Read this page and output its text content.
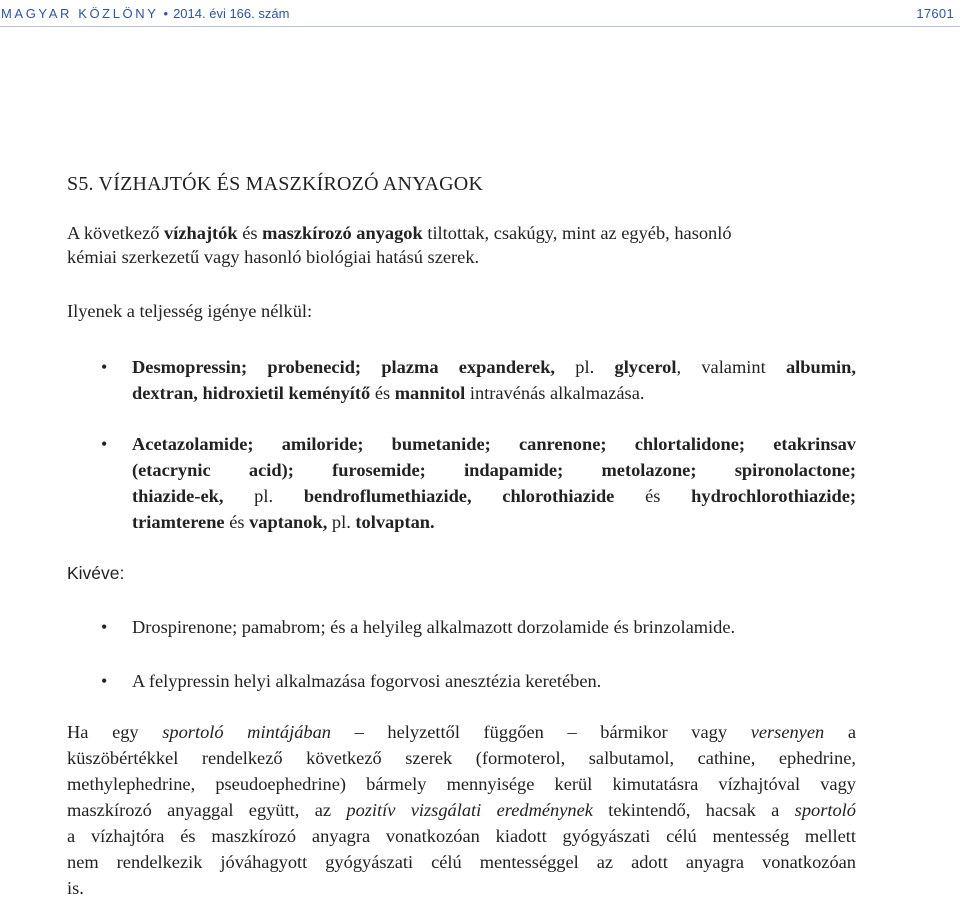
MAGYAR KÖZLÖNY • 2014. évi 166. szám	17601
S5. VÍZHAJTÓK ÉS MASZKÍROZÓ ANYAGOK
A következő vízhajtók és maszkírozó anyagok tiltottak, csakúgy, mint az egyéb, hasonló
kémiai szerkezetű vagy hasonló biológiai hatású szerek.
Ilyenek a teljesség igénye nélkül:
• Desmopressin; probenecid; plazma expanderek, pl. glycerol, valamint albumin,
dextran, hidroxietil keményítő és mannitol intravénás alkalmazása.
• Acetazolamide; amiloride; bumetanide; canrenone; chlortalidone; etakrinsav
(etacrynic acid); furosemide; indapamide; metolazone; spironolactone;
thiazide-ek, pl. bendroflumethiazide, chlorothiazide és hydrochlorothiazide;
triamterene és vaptanok, pl. tolvaptan.
Kivéve:
• Drospirenone; pamabrom; és a helyileg alkalmazott dorzolamide és brinzolamide.
• A felypressin helyi alkalmazása fogorvosi anesztézia keretében.
Ha egy sportoló mintájában – helyzettől függően – bármikor vagy versenyen a
küszöbértékkel rendelkező következő szerek (formoterol, salbutamol, cathine, ephedrine,
methylephedrine, pseudoephedrine) bármely mennyisége kerül kimutatásra vízhajtóval vagy
maszkírozó anyaggal együtt, az pozitív vizsgálati eredménynek tekintendő, hacsak a sportoló
a vízhajtóra és maszkírozó anyagra vonatkozóan kiadott gyógyászati célú mentesség mellett
nem rendelkezik jóváhagyott gyógyászati célú mentességgel az adott anyagra vonatkozóan
is.
